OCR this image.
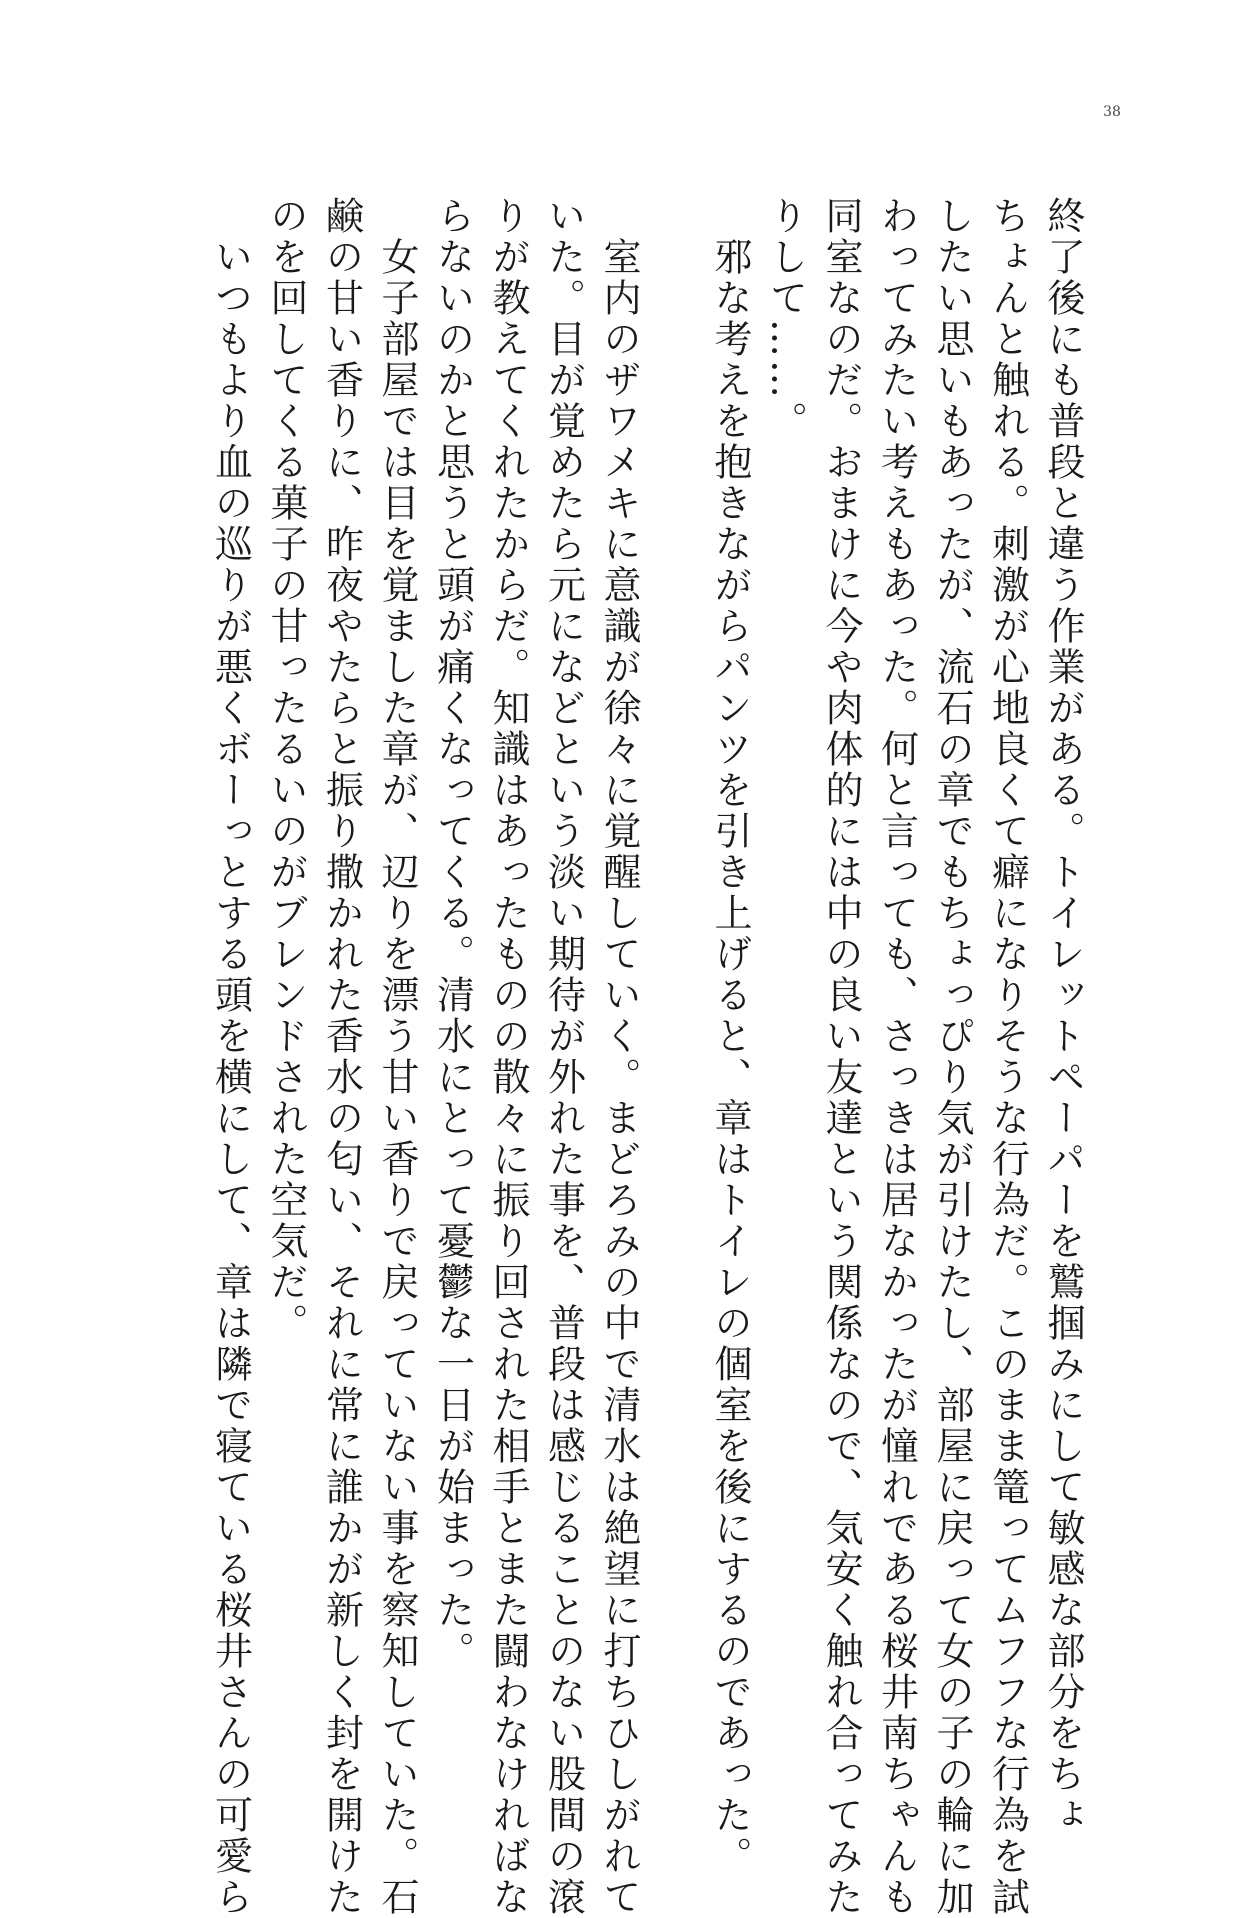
38
終了後にも普段と違う作業がある。トイレットペーパーを鷲掴みにして敏感な部分をちょ
ちょんと触れる。刺激が心地良くて癖になりそうな行為だ。このまま篭ってムフフな行為を試
したい思いもあったが、流石の章でもちょっぴり気が引けたし、部屋に戻って女の子の輪に加
わってみたい考えもあった。何と言っても、さっきは居なかったが憧れである桜井南ちゃんも
同室なのだ。おまけに今や肉体的には中の良い友達という関係なので、気安く触れ合ってみた
りして……。
　邪な考えを抱きながらパンツを引き上げると、章はトイレの個室を後にするのであった。

　室内のザワメキに意識が徐々に覚醒していく。まどろみの中で清水は絶望に打ちひしがれて
いた。目が覚めたら元になどという淡い期待が外れた事を、普段は感じることのない股間の滾
りが教えてくれたからだ。知識はあったものの散々に振り回された相手とまた闘わなければな
らないのかと思うと頭が痛くなってくる。清水にとって憂鬱な一日が始まった。
　女子部屋では目を覚ました章が、辺りを漂う甘い香りで戻っていない事を察知していた。石
鹸の甘い香りに、昨夜やたらと振り撒かれた香水の匂い、それに常に誰かが新しく封を開けた
のを回してくる菓子の甘ったるいのがブレンドされた空気だ。
　いつもより血の巡りが悪くボーっとする頭を横にして、章は隣で寝ている桜井さんの可愛ら
